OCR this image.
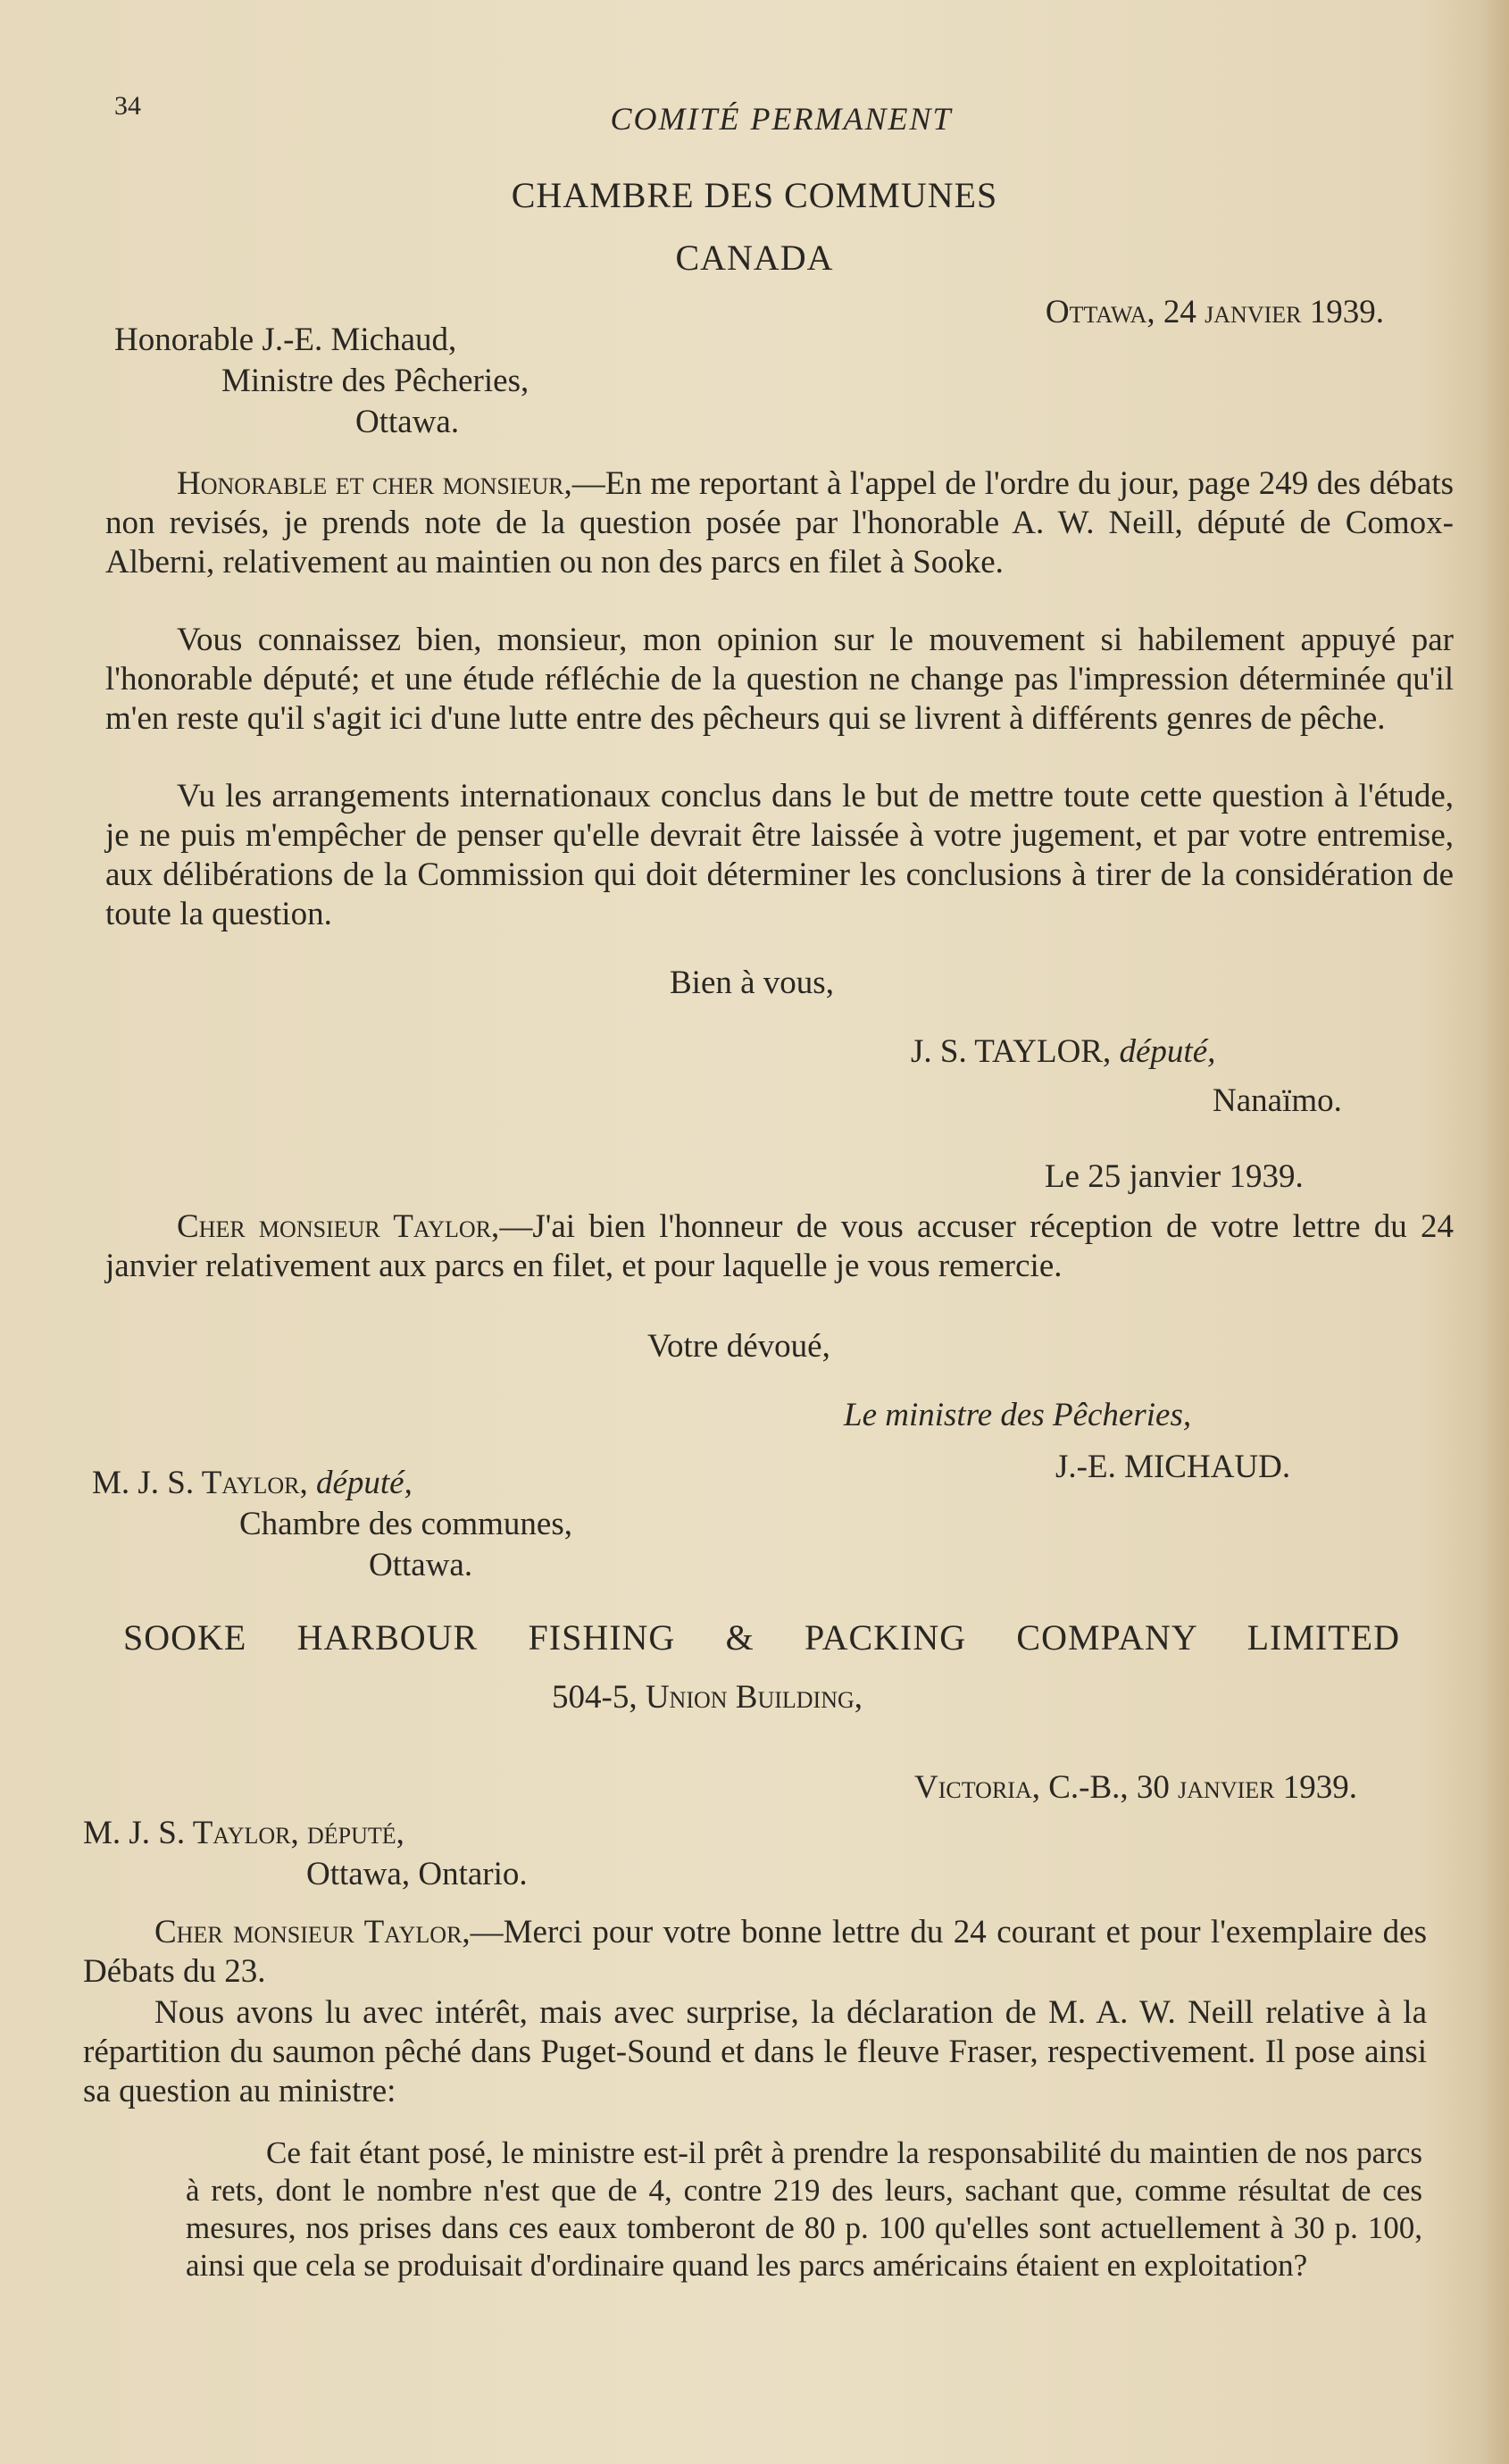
34	COMITÉ PERMANENT
CHAMBRE DES COMMUNES
CANADA
Ottawa, 24 janvier 1939.
Honorable J.-E. Michaud,
Ministre des Pêcheries,
Ottawa.
Honorable et cher monsieur,—En me reportant à l'appel de l'ordre du jour, page 249 des débats non revisés, je prends note de la question posée par l'honorable A. W. Neill, député de Comox-Alberni, relativement au maintien ou non des parcs en filet à Sooke.
Vous connaissez bien, monsieur, mon opinion sur le mouvement si habilement appuyé par l'honorable député; et une étude réfléchie de la question ne change pas l'impression déterminée qu'il m'en reste qu'il s'agit ici d'une lutte entre des pêcheurs qui se livrent à différents genres de pêche.
Vu les arrangements internationaux conclus dans le but de mettre toute cette question à l'étude, je ne puis m'empêcher de penser qu'elle devrait être laissée à votre jugement, et par votre entremise, aux délibérations de la Commission qui doit déterminer les conclusions à tirer de la considération de toute la question.
Bien à vous,
J. S. TAYLOR, député,
Nanaïmo.
Le 25 janvier 1939.
Cher monsieur Taylor,—J'ai bien l'honneur de vous accuser réception de votre lettre du 24 janvier relativement aux parcs en filet, et pour laquelle je vous remercie.
Votre dévoué,
Le ministre des Pêcheries,
J.-E. MICHAUD.
M. J. S. Taylor, député,
Chambre des communes,
Ottawa.
SOOKE HARBOUR FISHING & PACKING COMPANY LIMITED
504-5, Union Building,
Victoria, C.-B., 30 janvier 1939.
M. J. S. Taylor, député,
Ottawa, Ontario.
Cher monsieur Taylor,—Merci pour votre bonne lettre du 24 courant et pour l'exemplaire des Débats du 23.
Nous avons lu avec intérêt, mais avec surprise, la déclaration de M. A. W. Neill relative à la répartition du saumon pêché dans Puget-Sound et dans le fleuve Fraser, respectivement. Il pose ainsi sa question au ministre:
Ce fait étant posé, le ministre est-il prêt à prendre la responsabilité du maintien de nos parcs à rets, dont le nombre n'est que de 4, contre 219 des leurs, sachant que, comme résultat de ces mesures, nos prises dans ces eaux tomberont de 80 p. 100 qu'elles sont actuellement à 30 p. 100, ainsi que cela se produisait d'ordinaire quand les parcs américains étaient en exploitation?
